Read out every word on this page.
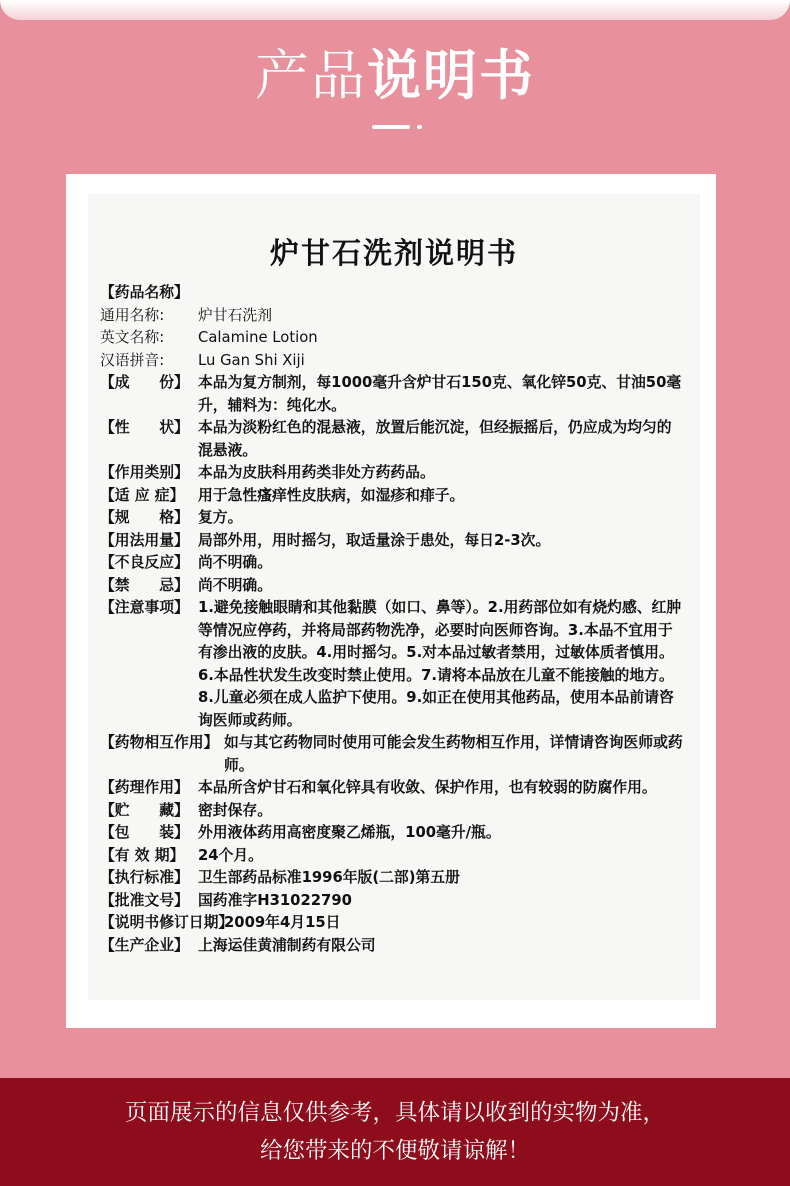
产品说明书
炉甘石洗剂说明书
【药品名称】
通用名称:	炉甘石洗剂
英文名称:	Calamine Lotion
汉语拼音:	Lu Gan Shi Xiji
【成　　份】 本品为复方制剂，每1000毫升含炉甘石150克、氧化锌50克、甘油50毫升，辅料为：纯化水。
【性　　状】 本品为淡粉红色的混悬液，放置后能沉淀，但经振摇后，仍应成为均匀的混悬液。
【作用类别】 本品为皮肤科用药类非处方药药品。
【适 应 症】 用于急性瘙痒性皮肤病，如湿疹和痱子。
【规　　格】 复方。
【用法用量】 局部外用，用时摇匀，取适量涂于患处，每日2-3次。
【不良反应】 尚不明确。
【禁　　忌】 尚不明确。
【注意事项】 1.避免接触眼睛和其他黏膜（如口、鼻等）。2.用药部位如有烧灼感、红肿等情况应停药，并将局部药物洗净，必要时向医师咨询。3.本品不宜用于有渗出液的皮肤。4.用时摇匀。5.对本品过敏者禁用，过敏体质者慎用。6.本品性状发生改变时禁止使用。7.请将本品放在儿童不能接触的地方。8.儿童必须在成人监护下使用。9.如正在使用其他药品，使用本品前请咨询医师或药师。
【药物相互作用】 如与其它药物同时使用可能会发生药物相互作用，详情请咨询医师或药师。
【药理作用】 本品所含炉甘石和氧化锌具有收敛、保护作用，也有较弱的防腐作用。
【贮　　藏】 密封保存。
【包　　装】 外用液体药用高密度聚乙烯瓶，100毫升/瓶。
【有 效 期】 24个月。
【执行标准】 卫生部药品标准1996年版(二部)第五册
【批准文号】 国药准字H31022790
【说明书修订日期】
2009年4月15日
【生产企业】 上海运佳黄浦制药有限公司
页面展示的信息仅供参考，具体请以收到的实物为准，
给您带来的不便敬请谅解！
